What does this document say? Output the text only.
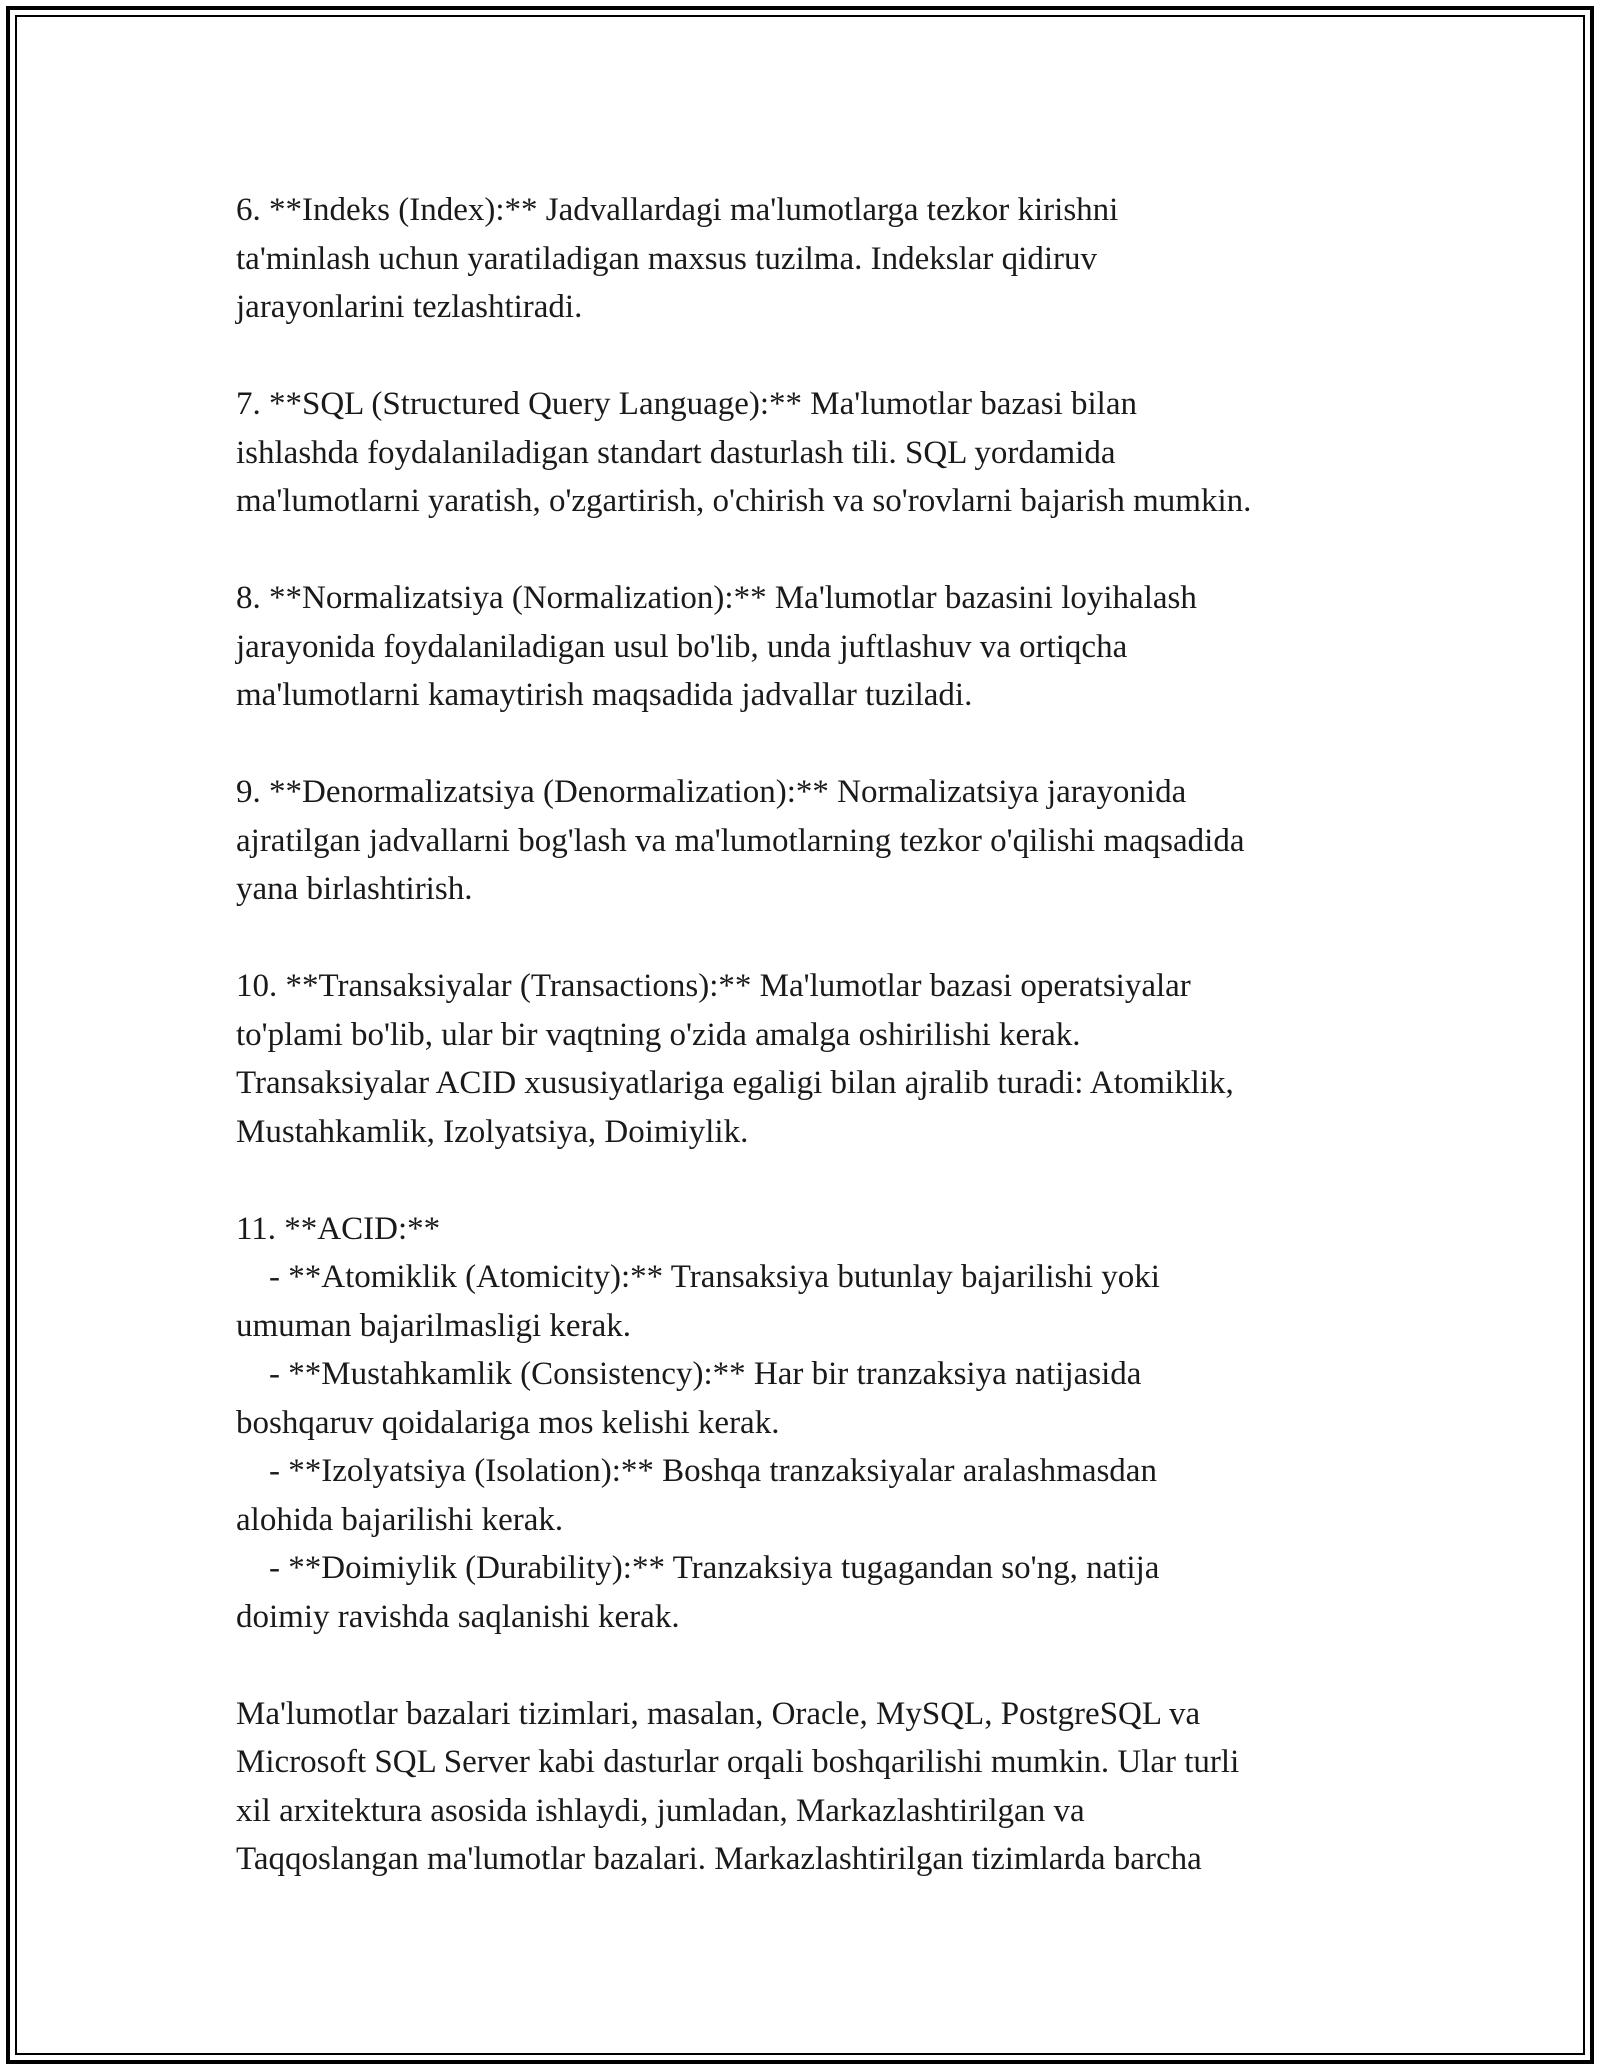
6. **Indeks (Index):** Jadvallardagi ma'lumotlarga tezkor kirishni
ta'minlash uchun yaratiladigan maxsus tuzilma. Indekslar qidiruv
jarayonlarini tezlashtiradi.
7. **SQL (Structured Query Language):** Ma'lumotlar bazasi bilan
ishlashda foydalaniladigan standart dasturlash tili. SQL yordamida
ma'lumotlarni yaratish, o'zgartirish, o'chirish va so'rovlarni bajarish mumkin.
8. **Normalizatsiya (Normalization):** Ma'lumotlar bazasini loyihalash
jarayonida foydalaniladigan usul bo'lib, unda juftlashuv va ortiqcha
ma'lumotlarni kamaytirish maqsadida jadvallar tuziladi.
9. **Denormalizatsiya (Denormalization):** Normalizatsiya jarayonida
ajratilgan jadvallarni bog'lash va ma'lumotlarning tezkor o'qilishi maqsadida
yana birlashtirish.
10. **Transaksiyalar (Transactions):** Ma'lumotlar bazasi operatsiyalar
to'plami bo'lib, ular bir vaqtning o'zida amalga oshirilishi kerak.
Transaksiyalar ACID xususiyatlariga egaligi bilan ajralib turadi: Atomiklik,
Mustahkamlik, Izolyatsiya, Doimiylik.
11. **ACID:**
- **Atomiklik (Atomicity):** Transaksiya butunlay bajarilishi yoki
umuman bajarilmasligi kerak.
- **Mustahkamlik (Consistency):** Har bir tranzaksiya natijasida
boshqaruv qoidalariga mos kelishi kerak.
- **Izolyatsiya (Isolation):** Boshqa tranzaksiyalar aralashmasdan
alohida bajarilishi kerak.
- **Doimiylik (Durability):** Tranzaksiya tugagandan so'ng, natija
doimiy ravishda saqlanishi kerak.
Ma'lumotlar bazalari tizimlari, masalan, Oracle, MySQL, PostgreSQL va
Microsoft SQL Server kabi dasturlar orqali boshqarilishi mumkin. Ular turli
xil arxitektura asosida ishlaydi, jumladan, Markazlashtirilgan va
Taqqoslangan ma'lumotlar bazalari. Markazlashtirilgan tizimlarda barcha
